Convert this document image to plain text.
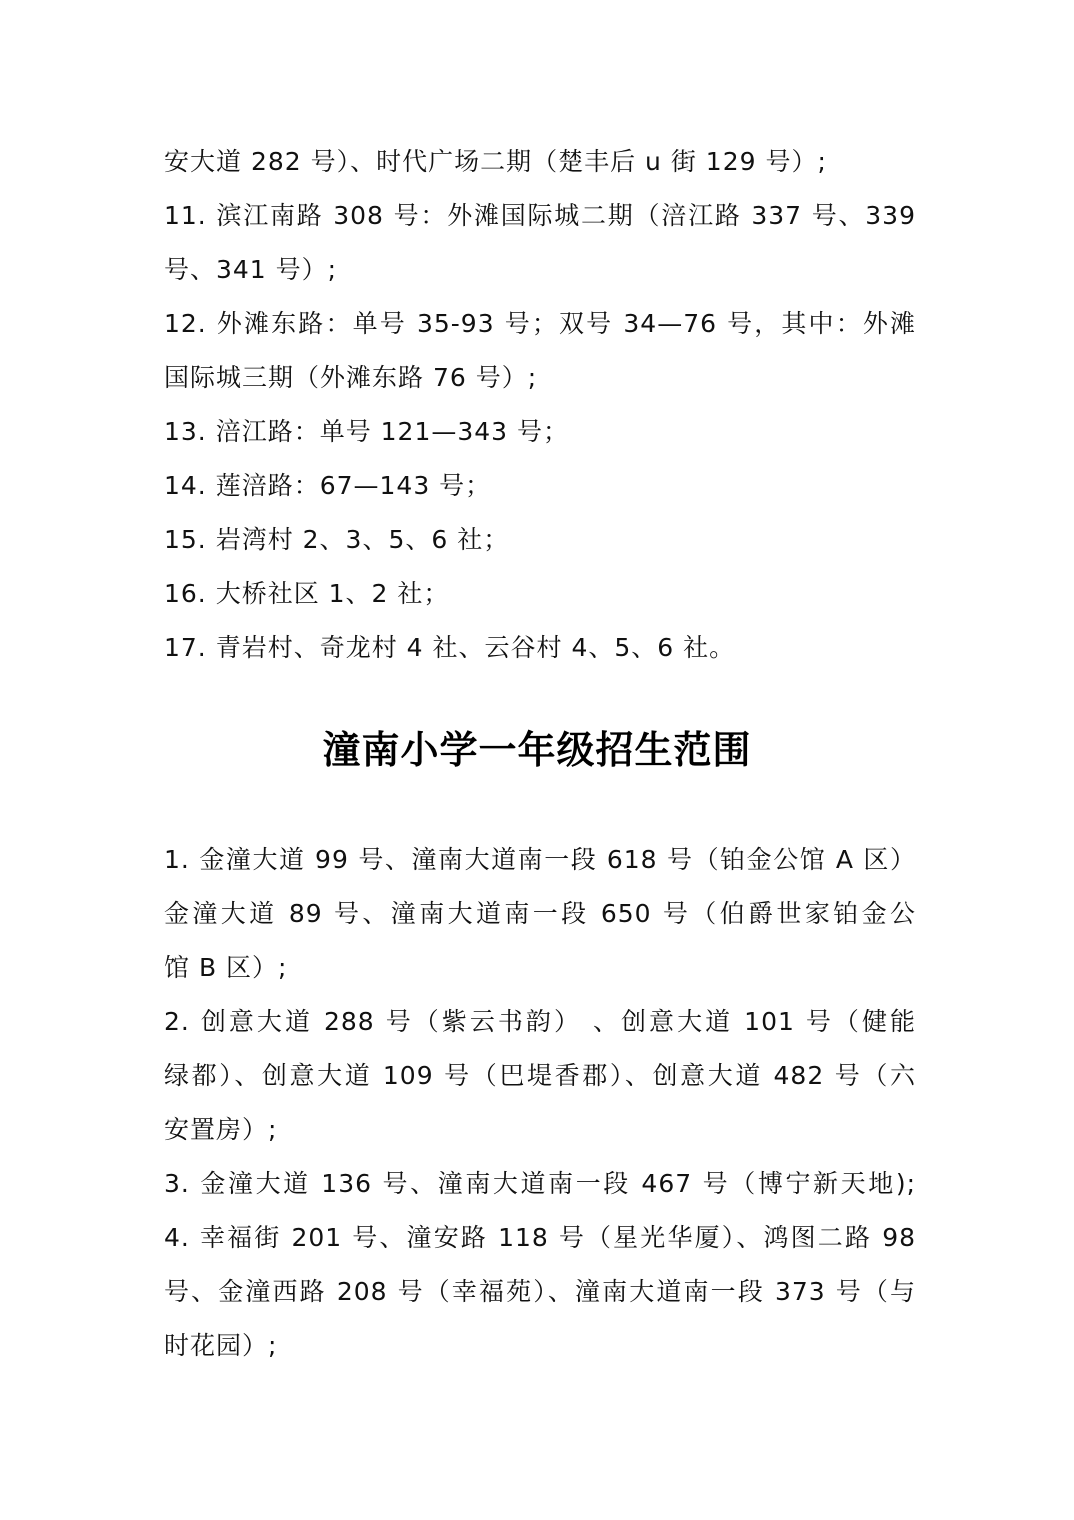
安大道 282 号）、时代广场二期（楚丰后 u 街 129 号）;
11. 滨江南路 308 号：外滩国际城二期（涪江路 337 号、339
号、341 号）;
12. 外滩东路：单号 35-93 号；双号 34—76 号，其中：外滩
国际城三期（外滩东路 76 号）;
13. 涪江路：单号 121—343 号；
14. 莲涪路：67—143 号；
15. 岩湾村 2、3、5、6 社；
16. 大桥社区 1、2 社；
17. 青岩村、奇龙村 4 社、云谷村 4、5、6 社。
潼南小学一年级招生范围
1. 金潼大道 99 号、潼南大道南一段 618 号（铂金公馆 A 区）
金潼大道 89 号、潼南大道南一段 650 号（伯爵世家铂金公
馆 B 区）;
2. 创意大道 288 号（紫云书韵） 、创意大道 101 号（健能
绿都）、创意大道 109 号（巴堤香郡）、创意大道 482 号（六
安置房）;
3. 金潼大道 136 号、潼南大道南一段 467 号（博宁新天地);
4. 幸福街 201 号、潼安路 118 号（星光华厦）、鸿图二路 98
号、金潼西路 208 号（幸福苑）、潼南大道南一段 373 号（与
时花园）;
